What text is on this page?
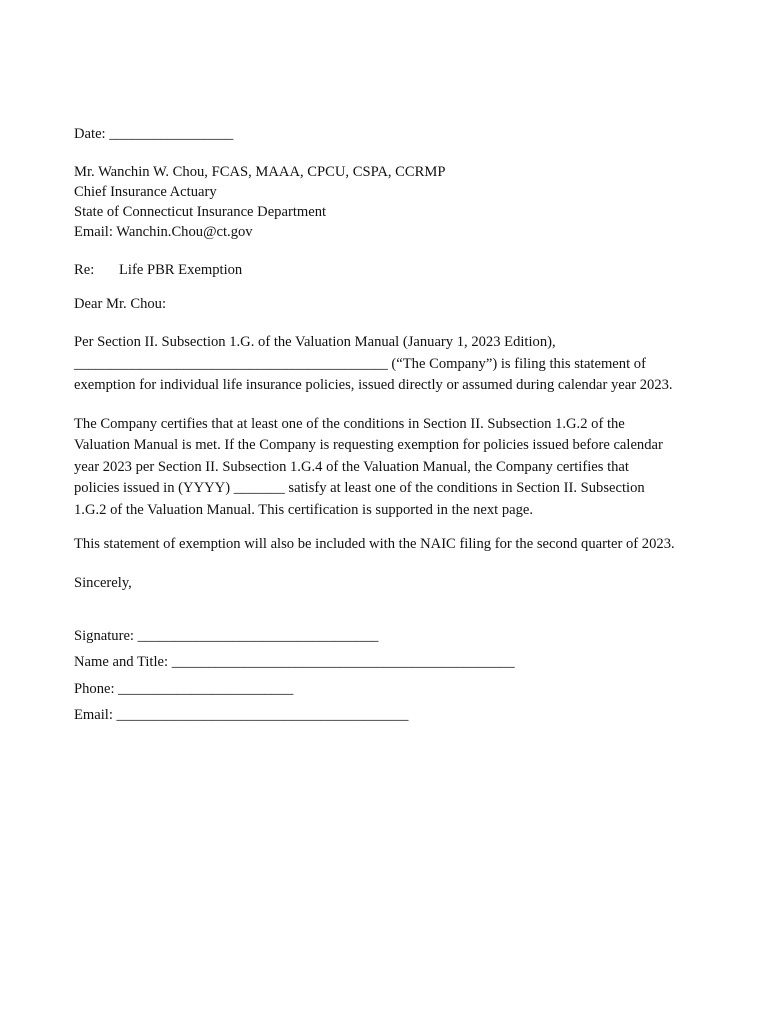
Date: _________________
Mr. Wanchin W. Chou, FCAS, MAAA, CPCU, CSPA, CCRMP
Chief Insurance Actuary
State of Connecticut Insurance Department
Email: Wanchin.Chou@ct.gov
Re: Life PBR Exemption
Dear Mr. Chou:
Per Section II. Subsection 1.G. of the Valuation Manual (January 1, 2023 Edition),
___________________________________________ (“The Company”) is filing this statement of
exemption for individual life insurance policies, issued directly or assumed during calendar year 2023.
The Company certifies that at least one of the conditions in Section II. Subsection 1.G.2 of the
Valuation Manual is met. If the Company is requesting exemption for policies issued before calendar
year 2023 per Section II. Subsection 1.G.4 of the Valuation Manual, the Company certifies that
policies issued in (YYYY) _______ satisfy at least one of the conditions in Section II. Subsection
1.G.2 of the Valuation Manual. This certification is supported in the next page.
This statement of exemption will also be included with the NAIC filing for the second quarter of 2023.
Sincerely,
Signature: _________________________________
Name and Title: _______________________________________________
Phone: ________________________
Email: ________________________________________
